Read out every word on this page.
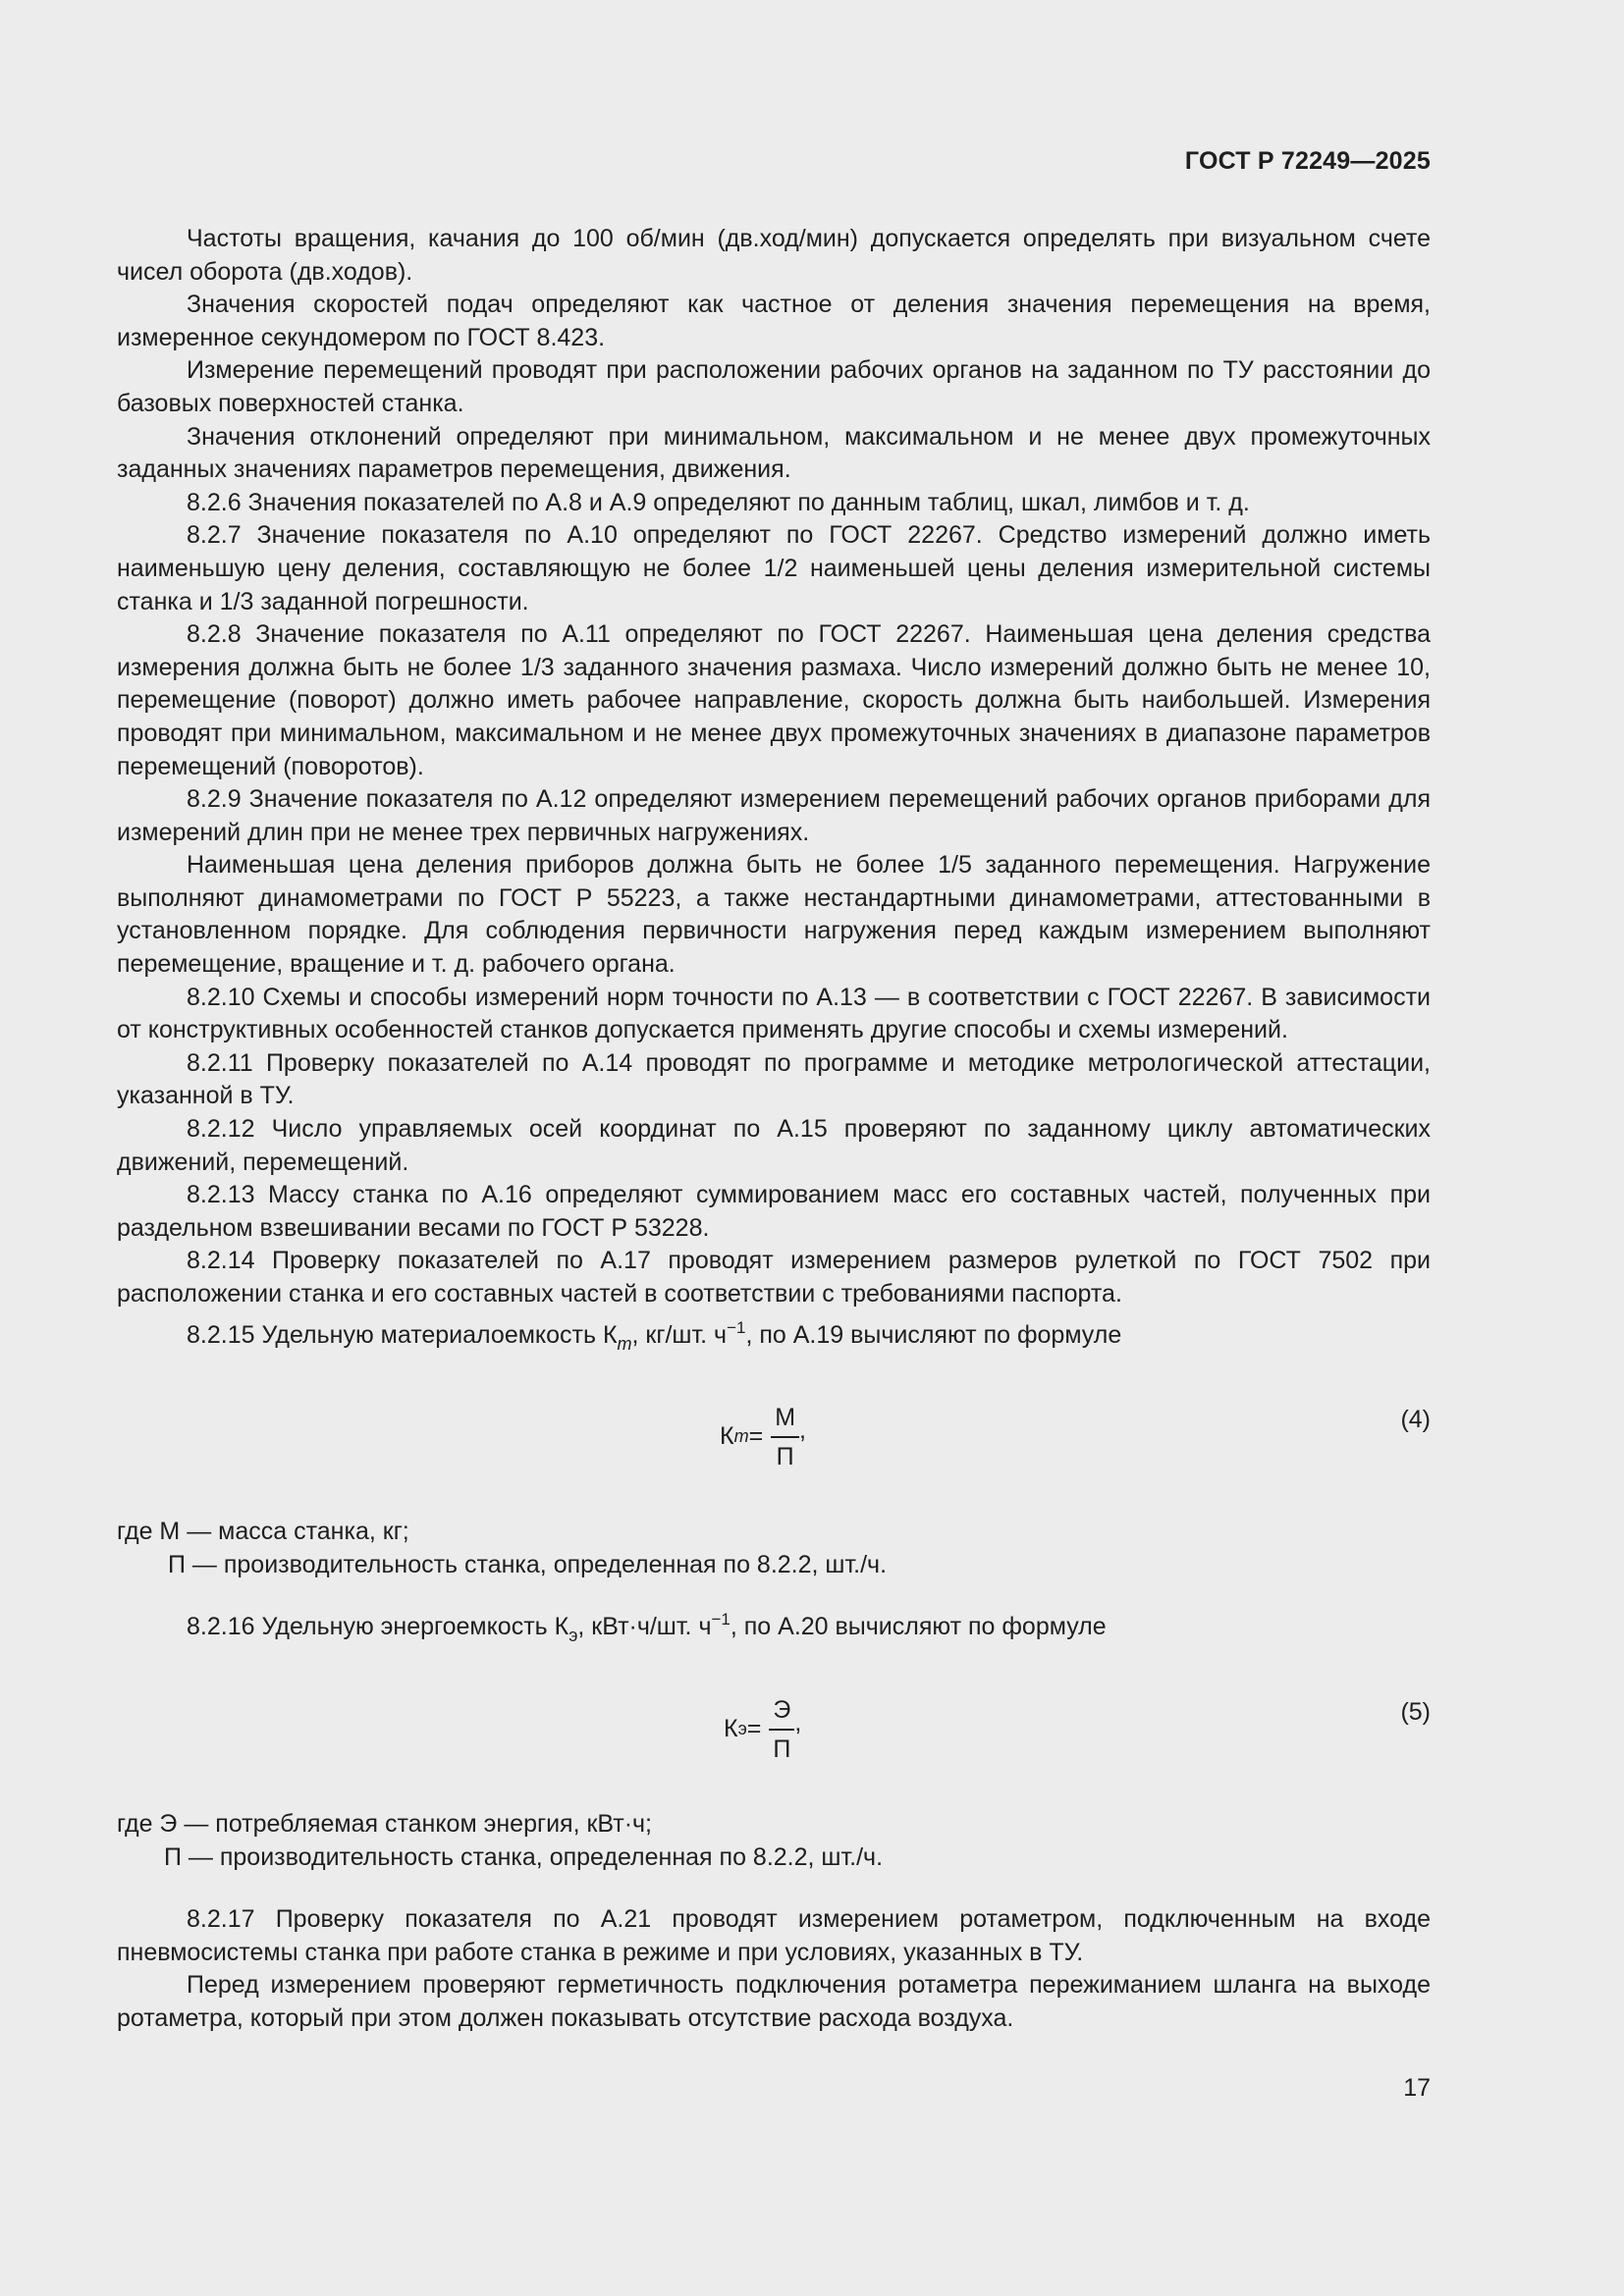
ГОСТ Р 72249—2025

Частоты вращения, качания до 100 об/мин (дв.ход/мин) допускается определять при визуальном счете чисел оборота (дв.ходов).

Значения скоростей подач определяют как частное от деления значения перемещения на время, измеренное секундомером по ГОСТ 8.423.

Измерение перемещений проводят при расположении рабочих органов на заданном по ТУ расстоянии до базовых поверхностей станка.

Значения отклонений определяют при минимальном, максимальном и не менее двух промежуточных заданных значениях параметров перемещения, движения.

8.2.6 Значения показателей по А.8 и А.9 определяют по данным таблиц, шкал, лимбов и т. д.

8.2.7 Значение показателя по А.10 определяют по ГОСТ 22267. Средство измерений должно иметь наименьшую цену деления, составляющую не более 1/2 наименьшей цены деления измерительной системы станка и 1/3 заданной погрешности.

8.2.8 Значение показателя по А.11 определяют по ГОСТ 22267. Наименьшая цена деления средства измерения должна быть не более 1/3 заданного значения размаха. Число измерений должно быть не менее 10, перемещение (поворот) должно иметь рабочее направление, скорость должна быть наибольшей. Измерения проводят при минимальном, максимальном и не менее двух промежуточных значениях в диапазоне параметров перемещений (поворотов).

8.2.9 Значение показателя по А.12 определяют измерением перемещений рабочих органов приборами для измерений длин при не менее трех первичных нагружениях.

Наименьшая цена деления приборов должна быть не более 1/5 заданного перемещения. Нагружение выполняют динамометрами по ГОСТ Р 55223, а также нестандартными динамометрами, аттестованными в установленном порядке. Для соблюдения первичности нагружения перед каждым измерением выполняют перемещение, вращение и т. д. рабочего органа.

8.2.10 Схемы и способы измерений норм точности по А.13 — в соответствии с ГОСТ 22267. В зависимости от конструктивных особенностей станков допускается применять другие способы и схемы измерений.

8.2.11 Проверку показателей по А.14 проводят по программе и методике метрологической аттестации, указанной в ТУ.

8.2.12 Число управляемых осей координат по А.15 проверяют по заданному циклу автоматических движений, перемещений.

8.2.13 Массу станка по А.16 определяют суммированием масс его составных частей, полученных при раздельном взвешивании весами по ГОСТ Р 53228.

8.2.14 Проверку показателей по А.17 проводят измерением размеров рулеткой по ГОСТ 7502 при расположении станка и его составных частей в соответствии с требованиями паспорта.

8.2.15 Удельную материалоемкость $К_m$, кг/шт. $ч^{-1}$, по А.19 вычисляют по формуле

К $m = \frac{М}{П}$ ,	(4)

где М — масса станка, кг;

П — производительность станка, определенная по 8.2.2, шт./ч.

8.2.16 Удельную энергоемкость $К_э$, кВт·ч/шт. $ч^{-1}$, по А.20 вычисляют по формуле

К $э = \frac{Э}{П}$ ,	(5)

где Э — потребляемая станком энергия, кВт·ч;

П — производительность станка, определенная по 8.2.2, шт./ч.

8.2.17 Проверку показателя по А.21 проводят измерением ротаметром, подключенным на входе пневмосистемы станка при работе станка в режиме и при условиях, указанных в ТУ.

Перед измерением проверяют герметичность подключения ротаметра пережиманием шланга на выходе ротаметра, который при этом должен показывать отсутствие расхода воздуха.

17
